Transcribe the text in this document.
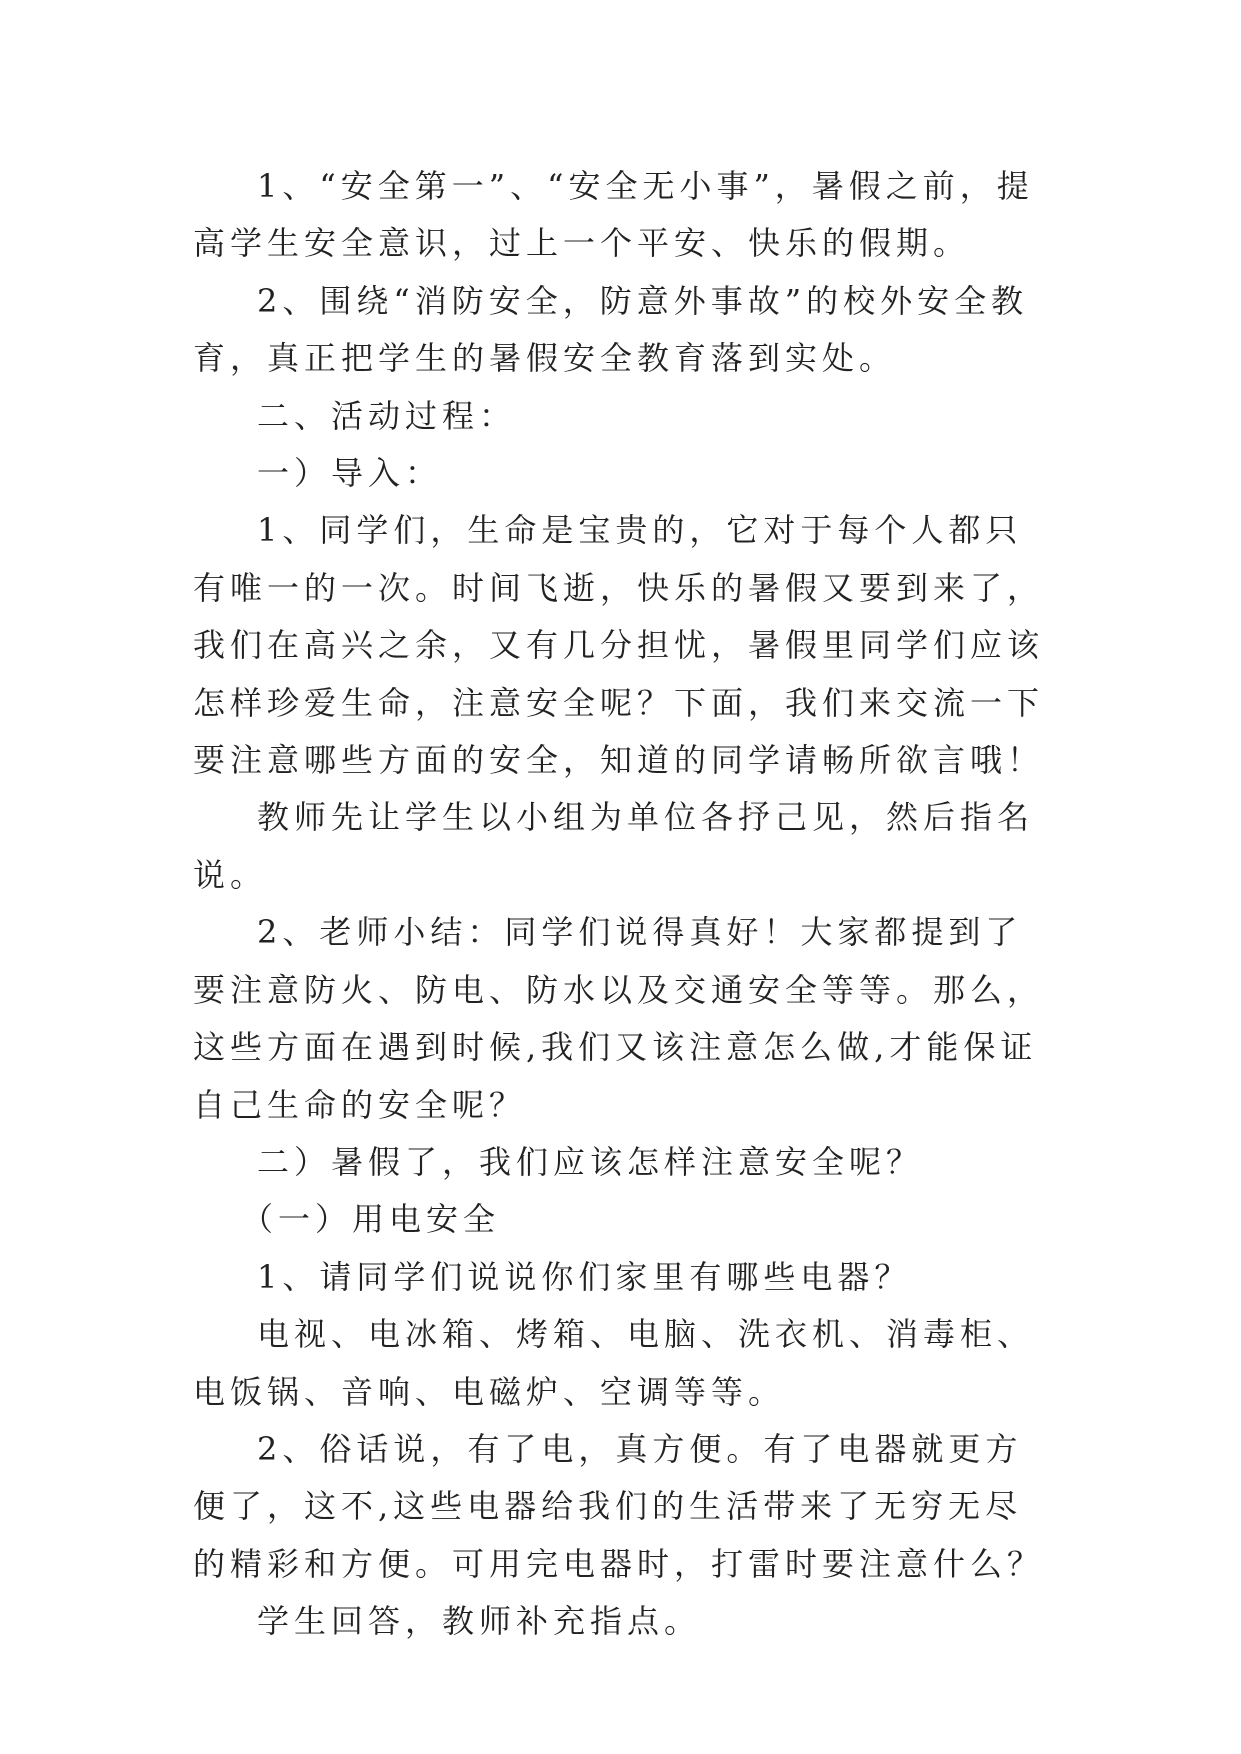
1、“安全第一”、“安全无小事”，暑假之前，提高学生安全意识，过上一个平安、快乐的假期。

2、围绕“消防安全，防意外事故”的校外安全教育，真正把学生的暑假安全教育落到实处。

二、活动过程：

一）导入：

1、同学们，生命是宝贵的，它对于每个人都只有唯一的一次。时间飞逝，快乐的暑假又要到来了，我们在高兴之余，又有几分担忧，暑假里同学们应该怎样珍爱生命，注意安全呢？下面，我们来交流一下要注意哪些方面的安全，知道的同学请畅所欲言哦！

教师先让学生以小组为单位各抒己见，然后指名说。

2、老师小结：同学们说得真好！大家都提到了要注意防火、防电、防水以及交通安全等等。那么，这些方面在遇到时候,我们又该注意怎么做,才能保证自己生命的安全呢？

二）暑假了，我们应该怎样注意安全呢？

（一）用电安全

1、请同学们说说你们家里有哪些电器？

电视、电冰箱、烤箱、电脑、洗衣机、消毒柜、电饭锅、音响、电磁炉、空调等等。

2、俗话说，有了电，真方便。有了电器就更方便了，这不,这些电器给我们的生活带来了无穷无尽的精彩和方便。可用完电器时，打雷时要注意什么？

学生回答，教师补充指点。
